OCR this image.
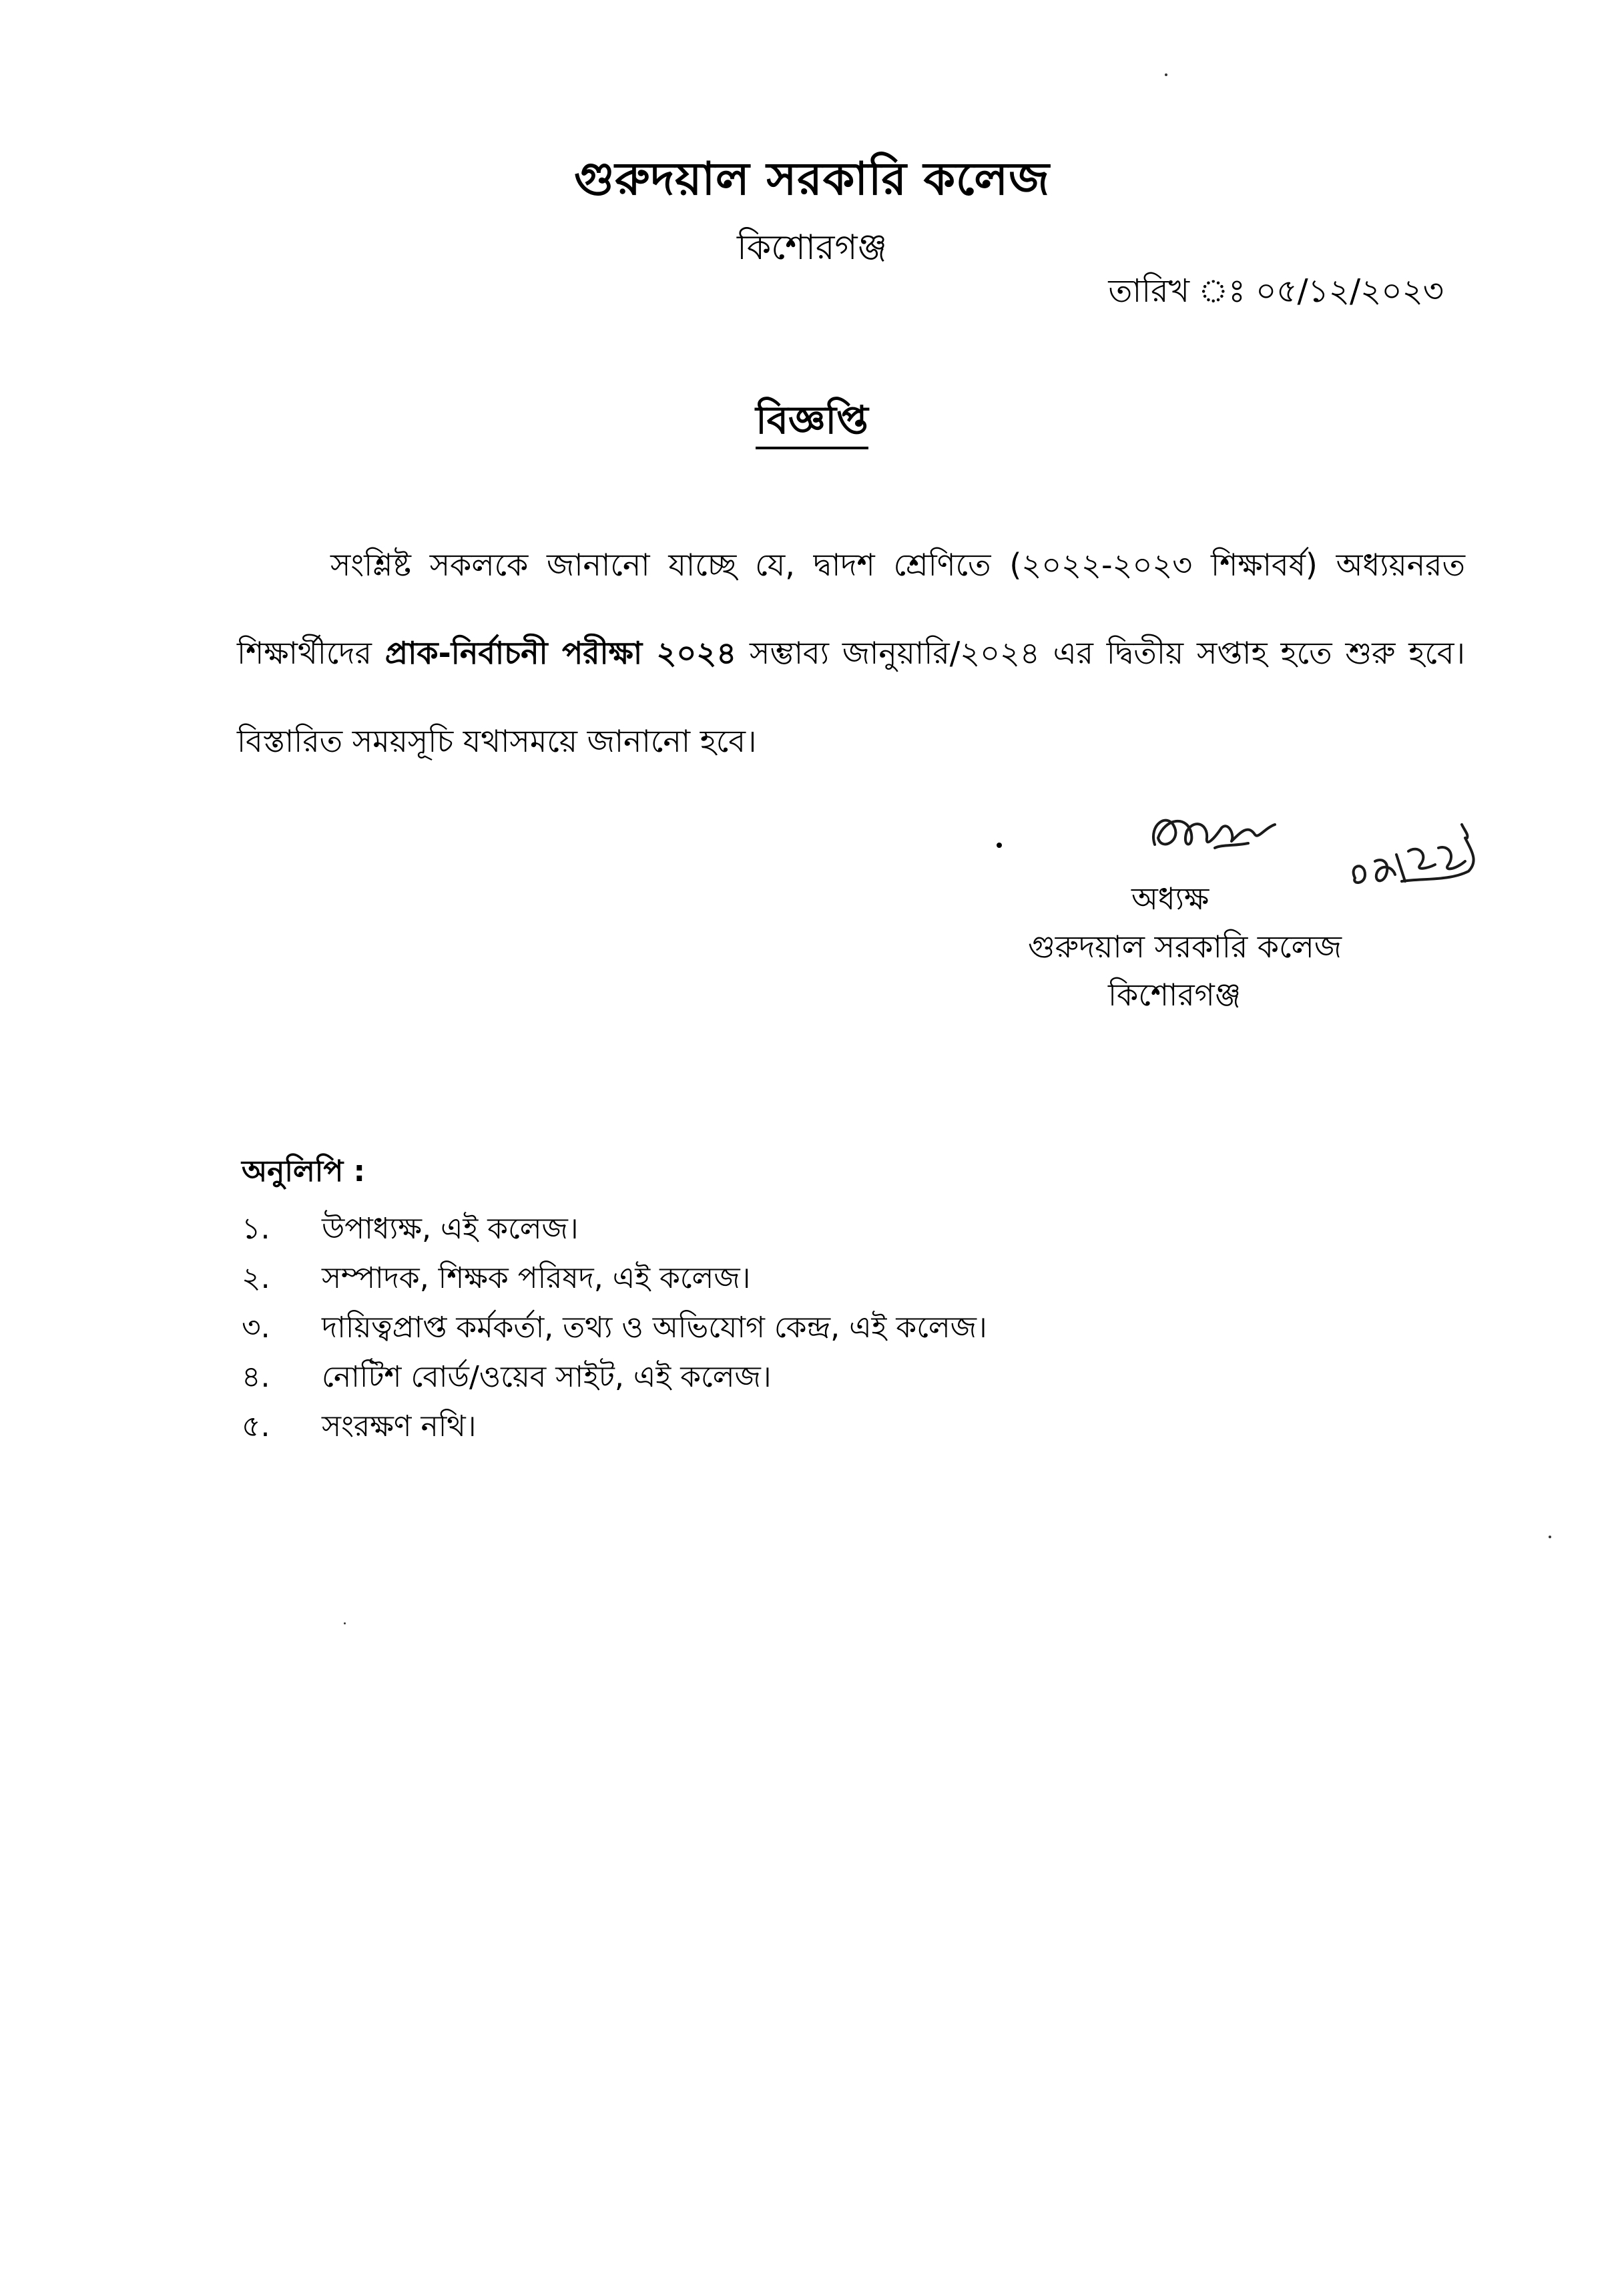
গুরুদয়াল সরকারি কলেজ
কিশোরগঞ্জ
তারিখ ঃ ০৫/১২/২০২৩
বিজ্ঞপ্তি
সংশ্লিষ্ট সকলকে জানানো যাচ্ছে যে, দ্বাদশ শ্রেণিতে (২০২২-২০২৩ শিক্ষাবর্ষ) অধ্যয়নরত শিক্ষার্থীদের প্রাক-নির্বাচনী পরীক্ষা ২০২৪ সম্ভাব্য জানুয়ারি/২০২৪ এর দ্বিতীয় সপ্তাহ হতে শুরু হবে। বিস্তারিত সময়সূচি যথাসময়ে জানানো হবে।
অধ্যক্ষ
গুরুদয়াল সরকারি কলেজ
কিশোরগঞ্জ
অনুলিপি :
১.	উপাধ্যক্ষ, এই কলেজ।
২.	সম্পাদক, শিক্ষক পরিষদ, এই কলেজ।
৩.	দায়িত্বপ্রাপ্ত কর্মকর্তা, তথ্য ও অভিযোগ কেন্দ্র, এই কলেজ।
৪.	নোটিশ বোর্ড/ওয়েব সাইট, এই কলেজ।
৫.	সংরক্ষণ নথি।
